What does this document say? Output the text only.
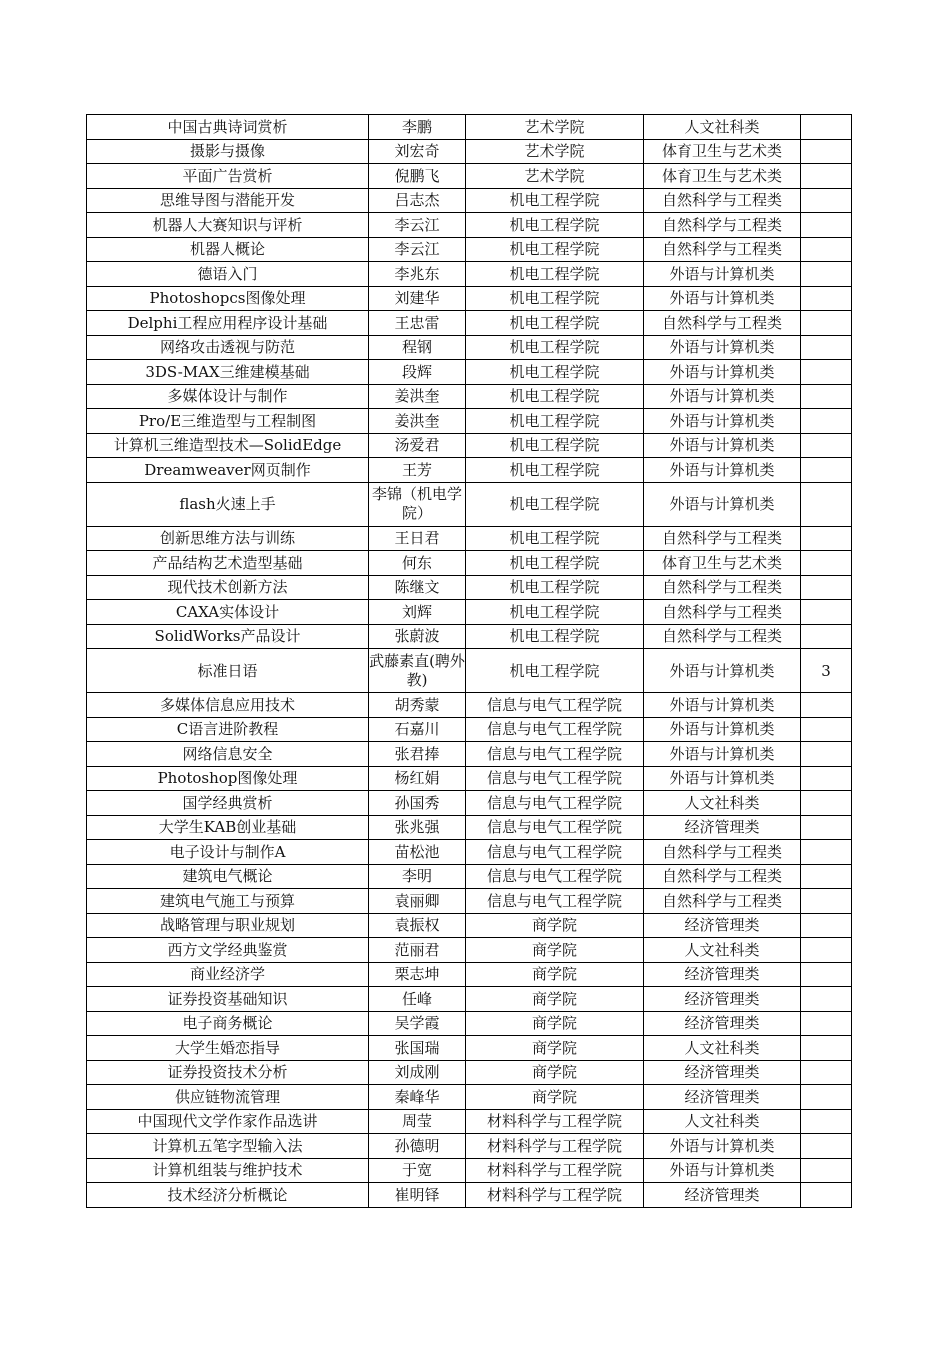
中国古典诗词赏析	李鹏	艺术学院	人文社科类	
摄影与摄像	刘宏奇	艺术学院	体育卫生与艺术类	
平面广告赏析	倪鹏飞	艺术学院	体育卫生与艺术类	
思维导图与潜能开发	吕志杰	机电工程学院	自然科学与工程类	
机器人大赛知识与评析	李云江	机电工程学院	自然科学与工程类	
机器人概论	李云江	机电工程学院	自然科学与工程类	
德语入门	李兆东	机电工程学院	外语与计算机类	
Photoshopcs图像处理	刘建华	机电工程学院	外语与计算机类	
Delphi工程应用程序设计基础	王忠雷	机电工程学院	自然科学与工程类	
网络攻击透视与防范	程钢	机电工程学院	外语与计算机类	
3DS-MAX三维建模基础	段辉	机电工程学院	外语与计算机类	
多媒体设计与制作	姜洪奎	机电工程学院	外语与计算机类	
Pro/E三维造型与工程制图	姜洪奎	机电工程学院	外语与计算机类	
计算机三维造型技术—SolidEdge	汤爱君	机电工程学院	外语与计算机类	
Dreamweaver网页制作	王芳	机电工程学院	外语与计算机类	
flash火速上手	李锦（机电学院）	机电工程学院	外语与计算机类	
创新思维方法与训练	王日君	机电工程学院	自然科学与工程类	
产品结构艺术造型基础	何东	机电工程学院	体育卫生与艺术类	
现代技术创新方法	陈继文	机电工程学院	自然科学与工程类	
CAXA实体设计	刘辉	机电工程学院	自然科学与工程类	
SolidWorks产品设计	张蔚波	机电工程学院	自然科学与工程类	
标准日语	武藤素直(聘外教)	机电工程学院	外语与计算机类	3
多媒体信息应用技术	胡秀蒙	信息与电气工程学院	外语与计算机类	
C语言进阶教程	石嘉川	信息与电气工程学院	外语与计算机类	
网络信息安全	张君捧	信息与电气工程学院	外语与计算机类	
Photoshop图像处理	杨红娟	信息与电气工程学院	外语与计算机类	
国学经典赏析	孙国秀	信息与电气工程学院	人文社科类	
大学生KAB创业基础	张兆强	信息与电气工程学院	经济管理类	
电子设计与制作A	苗松池	信息与电气工程学院	自然科学与工程类	
建筑电气概论	李明	信息与电气工程学院	自然科学与工程类	
建筑电气施工与预算	袁丽卿	信息与电气工程学院	自然科学与工程类	
战略管理与职业规划	袁振权	商学院	经济管理类	
西方文学经典鉴赏	范丽君	商学院	人文社科类	
商业经济学	栗志坤	商学院	经济管理类	
证券投资基础知识	任峰	商学院	经济管理类	
电子商务概论	吴学霞	商学院	经济管理类	
大学生婚恋指导	张国瑞	商学院	人文社科类	
证券投资技术分析	刘成刚	商学院	经济管理类	
供应链物流管理	秦峰华	商学院	经济管理类	
中国现代文学作家作品选讲	周莹	材料科学与工程学院	人文社科类	
计算机五笔字型输入法	孙德明	材料科学与工程学院	外语与计算机类	
计算机组装与维护技术	于宽	材料科学与工程学院	外语与计算机类	
技术经济分析概论	崔明铎	材料科学与工程学院	经济管理类	
